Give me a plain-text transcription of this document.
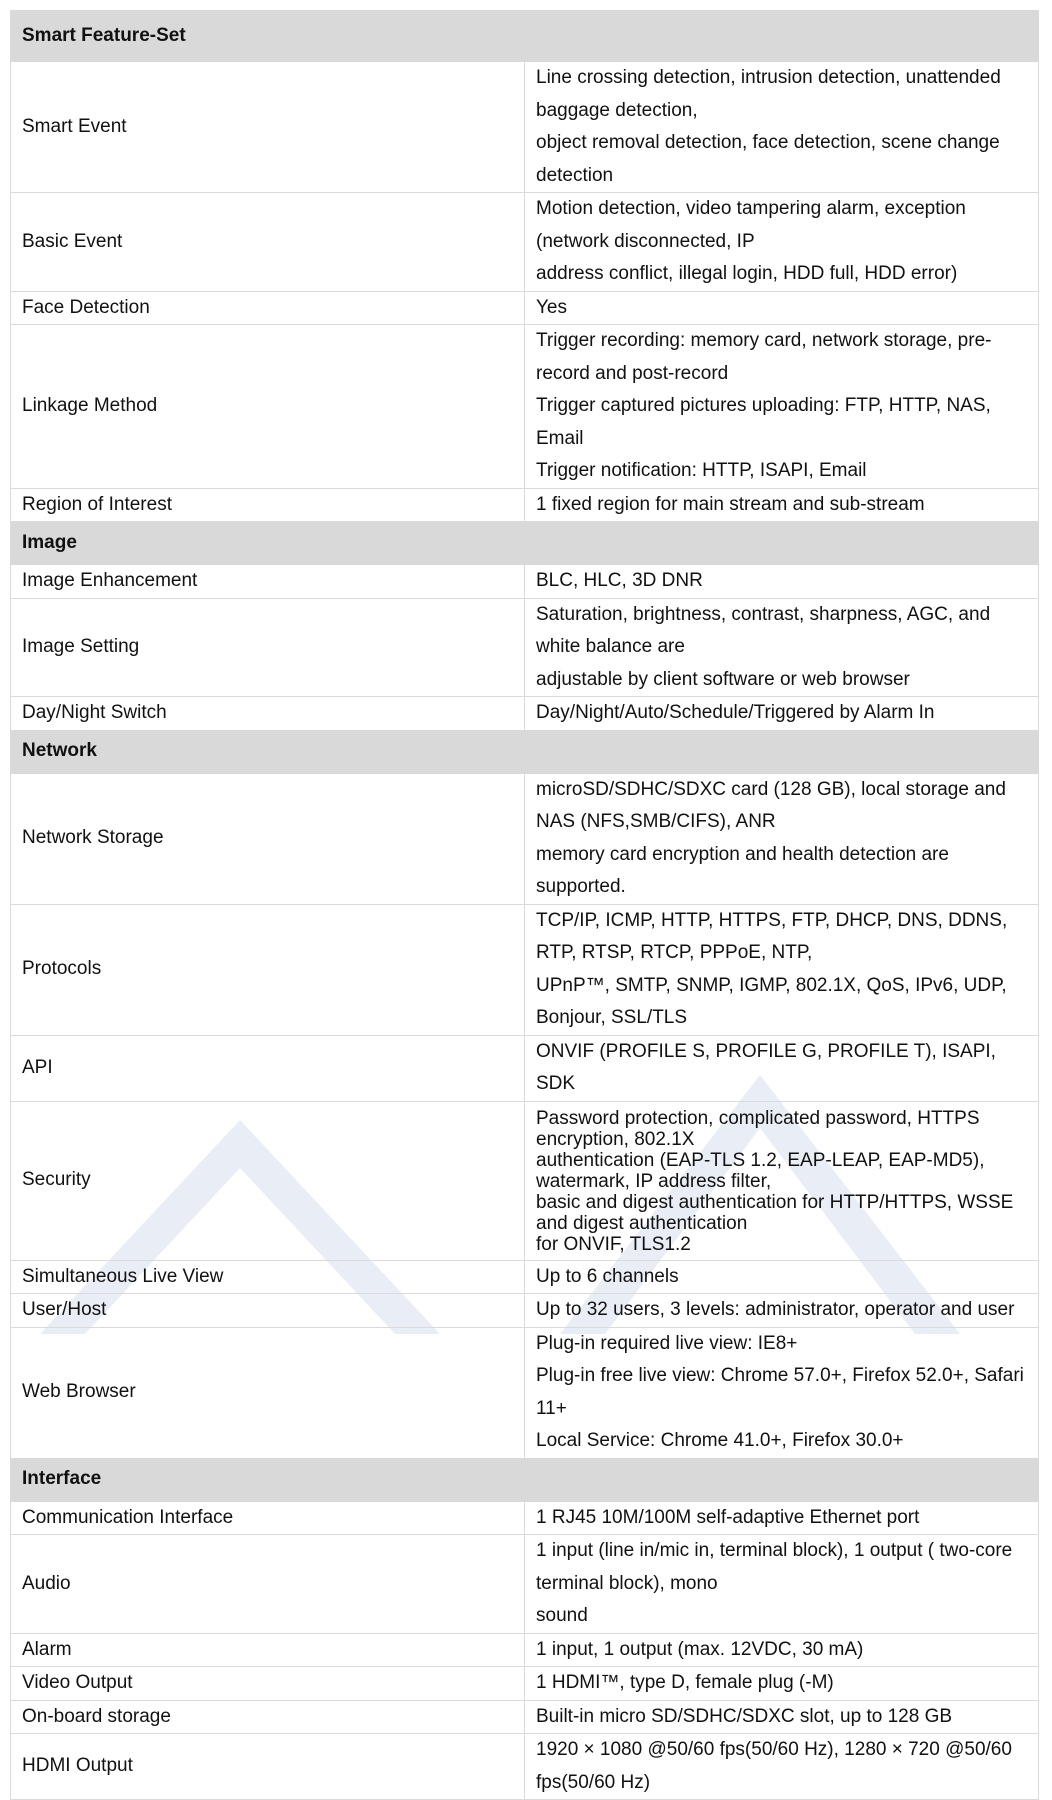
Smart Feature-Set	
Smart Event	Line crossing detection, intrusion detection, unattended baggage detection,
object removal detection, face detection, scene change detection

Basic Event	Motion detection, video tampering alarm, exception (network disconnected, IP
address conflict, illegal login, HDD full, HDD error)

Face Detection	Yes

Linkage Method	Trigger recording: memory card, network storage, pre-record and post-record
Trigger captured pictures uploading: FTP, HTTP, NAS, Email
Trigger notification: HTTP, ISAPI, Email

Region of Interest	1 fixed region for main stream and sub-stream

Image	
Image Enhancement	BLC, HLC, 3D DNR

Image Setting	Saturation, brightness, contrast, sharpness, AGC, and white balance are
adjustable by client software or web browser

Day/Night Switch	Day/Night/Auto/Schedule/Triggered by Alarm In

Network	
Network Storage	microSD/SDHC/SDXC card (128 GB), local storage and NAS (NFS,SMB/CIFS), ANR
memory card encryption and health detection are supported.

Protocols	TCP/IP, ICMP, HTTP, HTTPS, FTP, DHCP, DNS, DDNS, RTP, RTSP, RTCP, PPPoE, NTP,
UPnP™, SMTP, SNMP, IGMP, 802.1X, QoS, IPv6, UDP, Bonjour, SSL/TLS

API	ONVIF (PROFILE S, PROFILE G, PROFILE T), ISAPI, SDK

Security	Password protection, complicated password, HTTPS encryption, 802.1X
authentication (EAP-TLS 1.2, EAP-LEAP, EAP-MD5), watermark, IP address filter,
basic and digest authentication for HTTP/HTTPS, WSSE and digest authentication
for ONVIF, TLS1.2

Simultaneous Live View	Up to 6 channels

User/Host	Up to 32 users, 3 levels: administrator, operator and user

Web Browser	Plug-in required live view: IE8+
Plug-in free live view: Chrome 57.0+, Firefox 52.0+, Safari 11+
Local Service: Chrome 41.0+, Firefox 30.0+

Interface	
Communication Interface	1 RJ45 10M/100M self-adaptive Ethernet port

Audio	1 input (line in/mic in, terminal block), 1 output ( two-core terminal block), mono
sound

Alarm	1 input, 1 output (max. 12VDC, 30 mA)

Video Output	1 HDMI™, type D, female plug (-M)

On-board storage	Built-in micro SD/SDHC/SDXC slot, up to 128 GB

HDMI Output	1920 × 1080 @50/60 fps(50/60 Hz), 1280 × 720 @50/60 fps(50/60 Hz)
